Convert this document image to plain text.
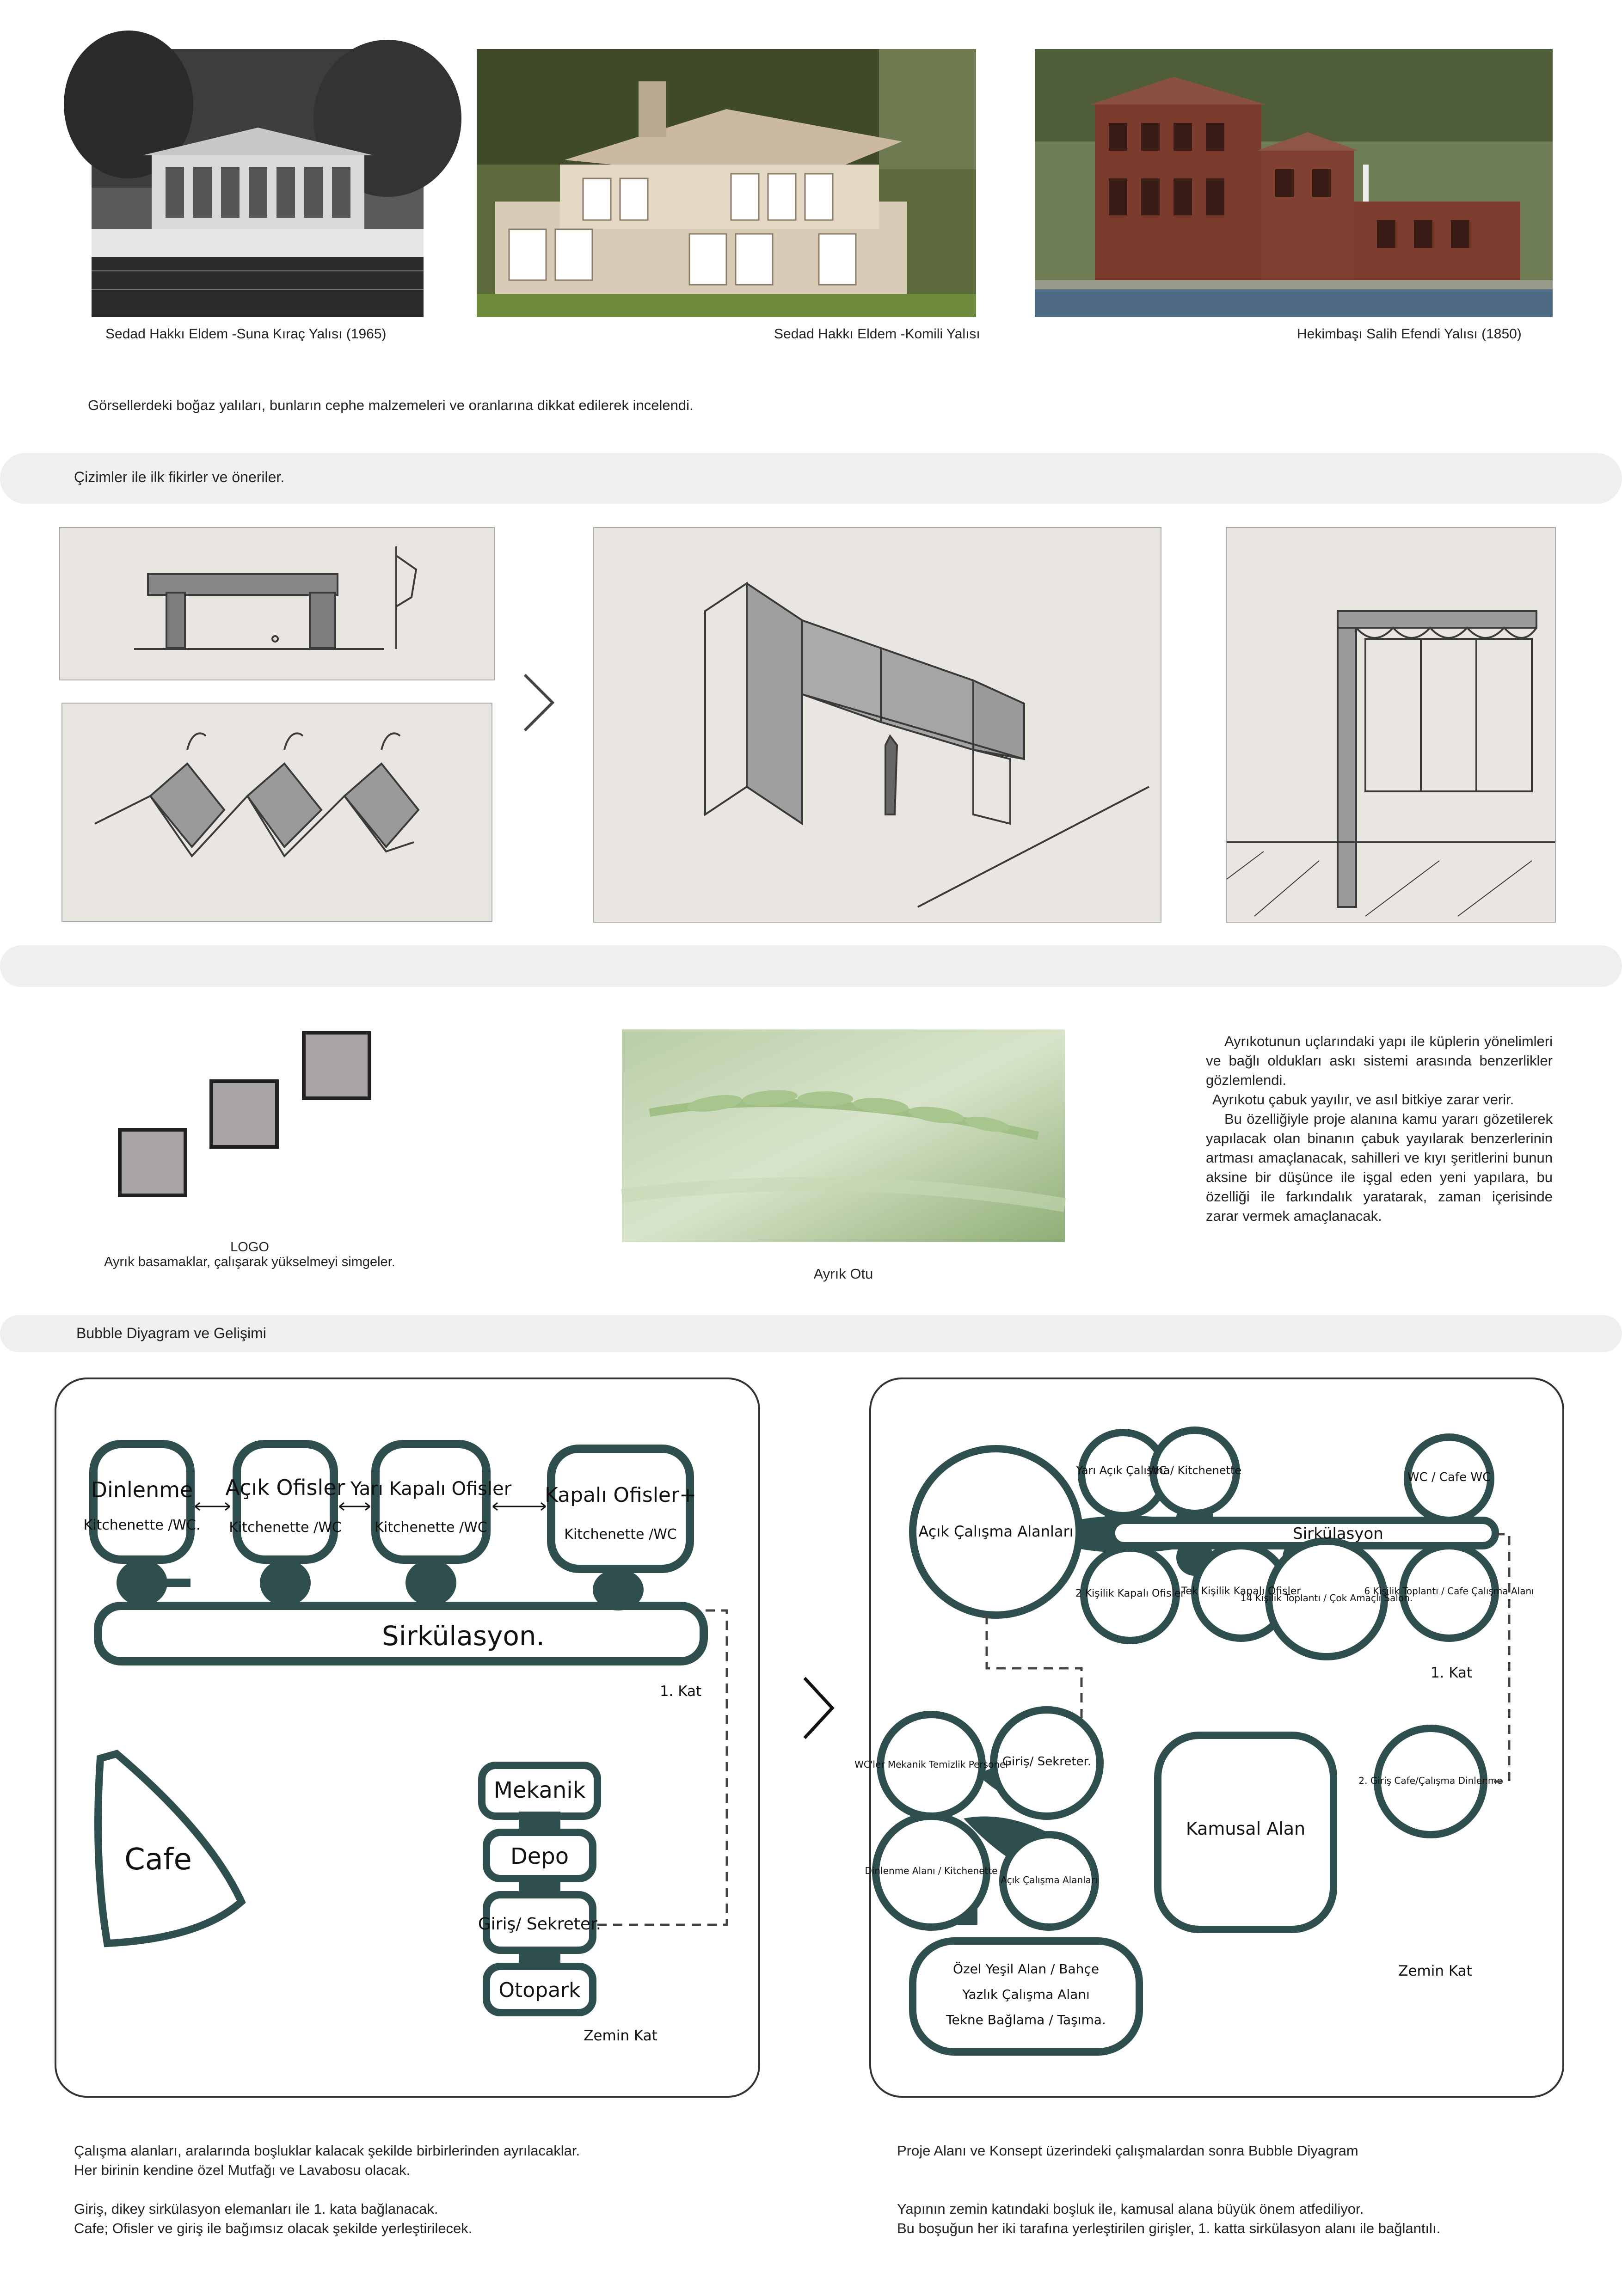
Sedad Hakkı Eldem -Suna Kıraç Yalısı (1965)	Sedad Hakkı Eldem -Komili Yalısı	Hekimbaşı Salih Efendi Yalısı (1850)
Görsellerdeki boğaz yalıları, bunların cephe malzemeleri ve oranlarına dikkat edilerek incelendi.
Çizimler ile ilk fikirler ve öneriler.
LOGO
Ayrık basamaklar, çalışarak yükselmeyi simgeler.
Ayrık Otu
Ayrıkotunun uçlarındaki yapı ile küplerin yönelimleri ve bağlı oldukları askı sistemi arasında benzerlikler gözlemlendi.
Ayrıkotu çabuk yayılır, ve asıl bitkiye zarar verir.
Bu özelliğiyle proje alanına kamu yararı gözetilerek yapılacak olan binanın çabuk yayılarak benzerlerinin artması amaçlanacak, sahilleri ve kıyı şeritlerini bunun aksine bir düşünce ile işgal eden yeni yapılara, bu özelliği ile farkındalık yaratarak, zaman içerisinde zarar vermek amaçlanacak.
Bubble Diyagram ve Gelişimi
Dinlenme
Kitchenette /WC.
Açık Ofisler
Kitchenette /WC
Yarı Kapalı Ofisler
Kitchenette /WC
Kapalı Ofisler+
Kitchenette /WC
Sirkülasyon.
1. Kat
Zemin Kat
Cafe
Mekanik
Depo
Giriş/ Sekreter.
Otopark
Yarı Açık Çalışma
WC / Kitchenette	WC / Cafe WC
Açık Çalışma Alanları	Sirkülasyon
2 Kişilik Kapalı Ofisler
Tek Kişilik Kapalı Ofisler
14 Kişilik Toplantı / Çok Amaçlı Salon.
6 Kişilik Toplantı / Cafe Çalışma Alanı
1. Kat
WC'ler Mekanik Temizlik Personel
Giriş/ Sekreter.
Dinlenme Alanı / Kitchenette
Açık Çalışma Alanları
Kamusal Alan
2. Giriş Cafe/Çalışma Dinlenme
Özel Yeşil Alan / Bahçe
Yazlık Çalışma Alanı
Tekne Bağlama / Taşıma.
Zemin Kat
Çalışma alanları, aralarında boşluklar kalacak şekilde birbirlerinden ayrılacaklar.
Her birinin kendine özel Mutfağı ve Lavabosu olacak.
Giriş, dikey sirkülasyon elemanları ile 1. kata bağlanacak.
Cafe; Ofisler ve giriş ile bağımsız olacak şekilde yerleştirilecek.
Proje Alanı ve Konsept üzerindeki çalışmalardan sonra Bubble Diyagram
Yapının zemin katındaki boşluk ile, kamusal alana büyük önem atfediliyor.
Bu boşuğun her iki tarafına yerleştirilen girişler, 1. katta sirkülasyon alanı ile bağlantılı.
